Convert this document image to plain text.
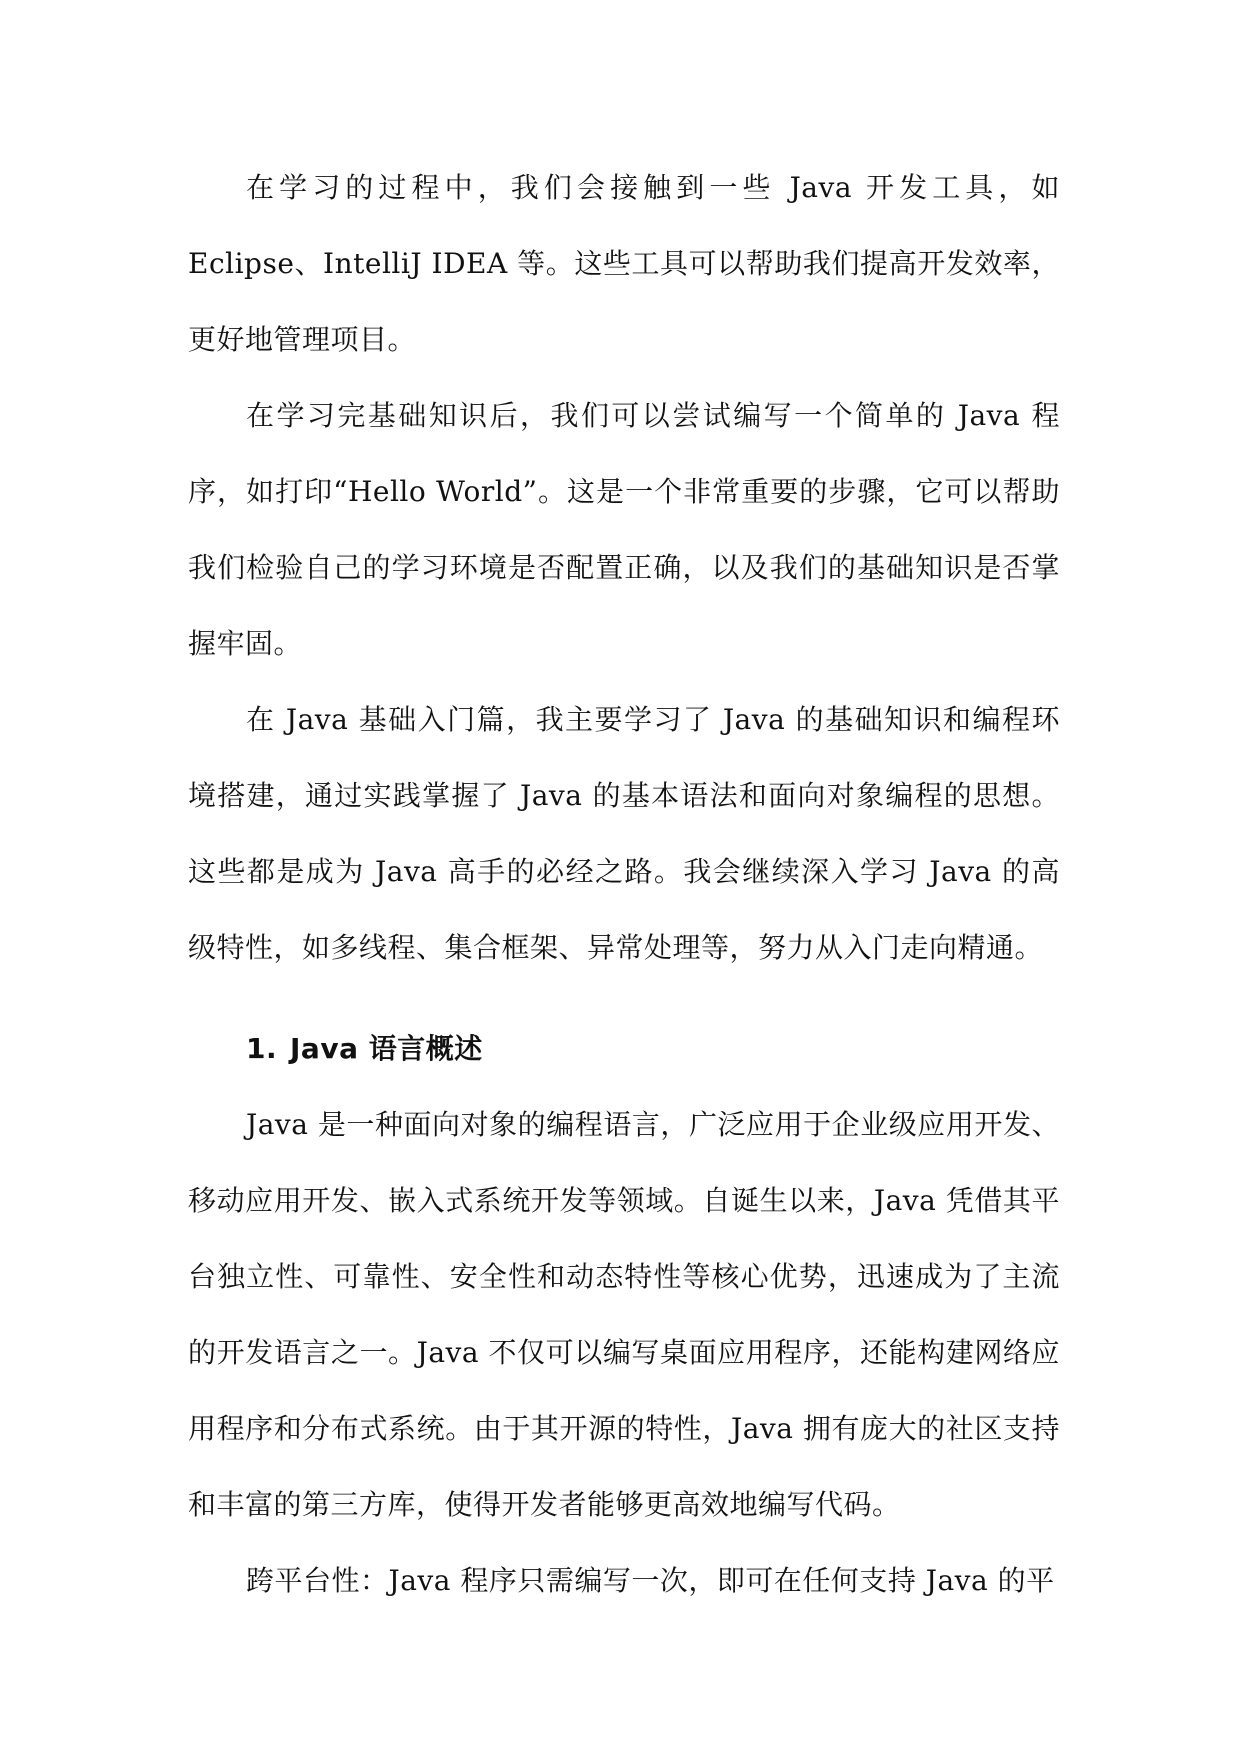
在学习的过程中，我们会接触到一些 Java 开发工具，如 Eclipse、IntelliJ IDEA 等。这些工具可以帮助我们提高开发效率，更好地管理项目。

在学习完基础知识后，我们可以尝试编写一个简单的 Java 程序，如打印“Hello World”。这是一个非常重要的步骤，它可以帮助我们检验自己的学习环境是否配置正确，以及我们的基础知识是否掌握牢固。

在 Java 基础入门篇，我主要学习了 Java 的基础知识和编程环境搭建，通过实践掌握了 Java 的基本语法和面向对象编程的思想。这些都是成为 Java 高手的必经之路。我会继续深入学习 Java 的高级特性，如多线程、集合框架、异常处理等，努力从入门走向精通。

1. Java 语言概述

Java 是一种面向对象的编程语言，广泛应用于企业级应用开发、移动应用开发、嵌入式系统开发等领域。自诞生以来，Java 凭借其平台独立性、可靠性、安全性和动态特性等核心优势，迅速成为了主流的开发语言之一。Java 不仅可以编写桌面应用程序，还能构建网络应用程序和分布式系统。由于其开源的特性，Java 拥有庞大的社区支持和丰富的第三方库，使得开发者能够更高效地编写代码。

跨平台性：Java 程序只需编写一次，即可在任何支持 Java 的平
